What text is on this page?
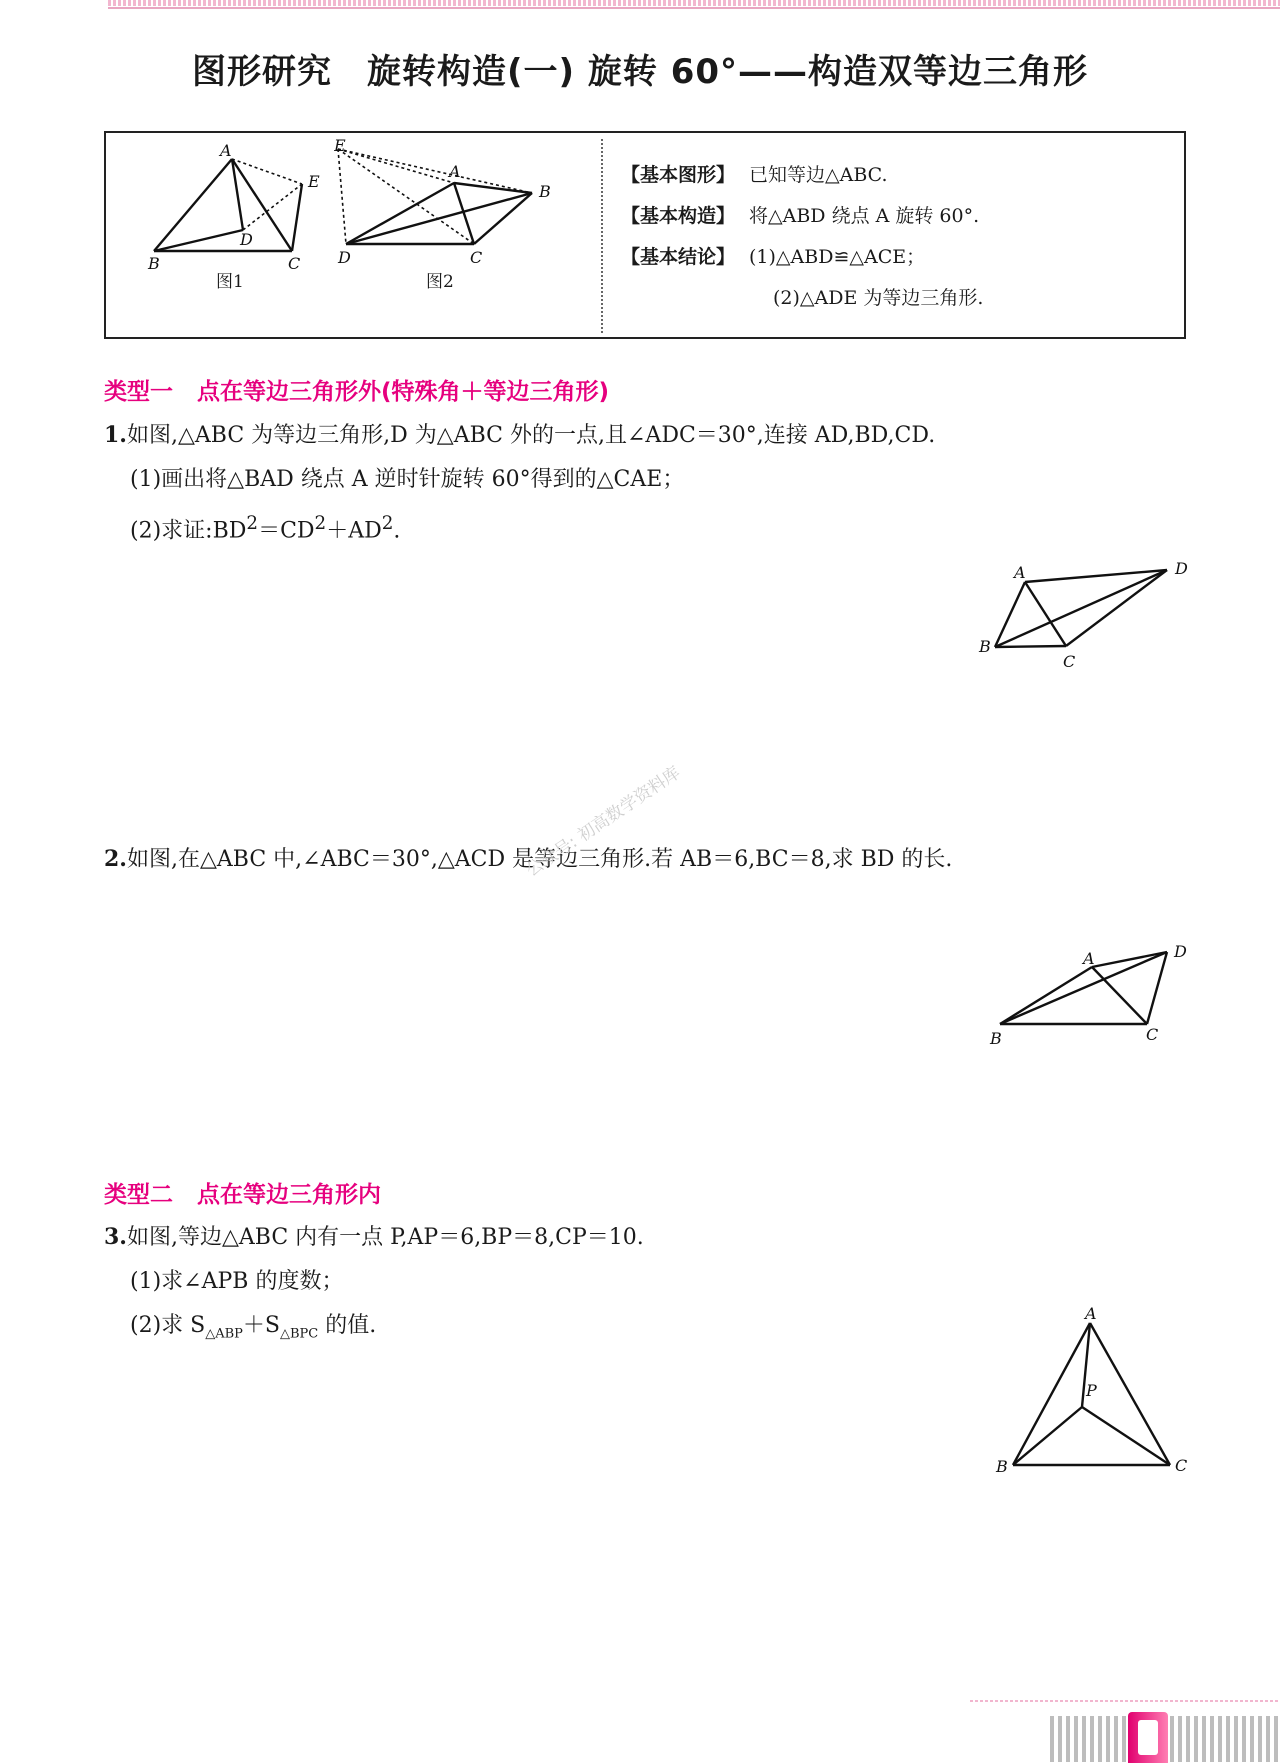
图形研究　旋转构造(一) 旋转 60°——构造双等边三角形
A
E
D
B	C
图1
A
B
E
D	C
图2
【基本图形】 已知等边△ABC.
【基本构造】 将△ABD 绕点 A 旋转 60°.
【基本结论】 (1)△ABD≌△ACE；
(2)△ADE 为等边三角形.
类型一 点在等边三角形外(特殊角＋等边三角形)
1.如图,△ABC 为等边三角形,D 为△ABC 外的一点,且∠ADC＝30°,连接 AD,BD,CD.
(1)画出将△BAD 绕点 A 逆时针旋转 60°得到的△CAE；
(2)求证$:BD^2=CD^2+AD^2$.
A	D
B
C
2.如图,在△ABC 中,∠ABC＝30°,△ACD 是等边三角形.若 AB＝6,BC＝8,求 BD 的长.
公众号: 初高数学资料库
A	D
B	C
类型二 点在等边三角形内
3.如图,等边△ABC 内有一点 P,AP＝6,BP＝8,CP＝10.
(1)求∠APB 的度数；
(2)求 $S_{\triangle ABP}+S_{\triangle BPC}$ 的值.	A
P
B	C
